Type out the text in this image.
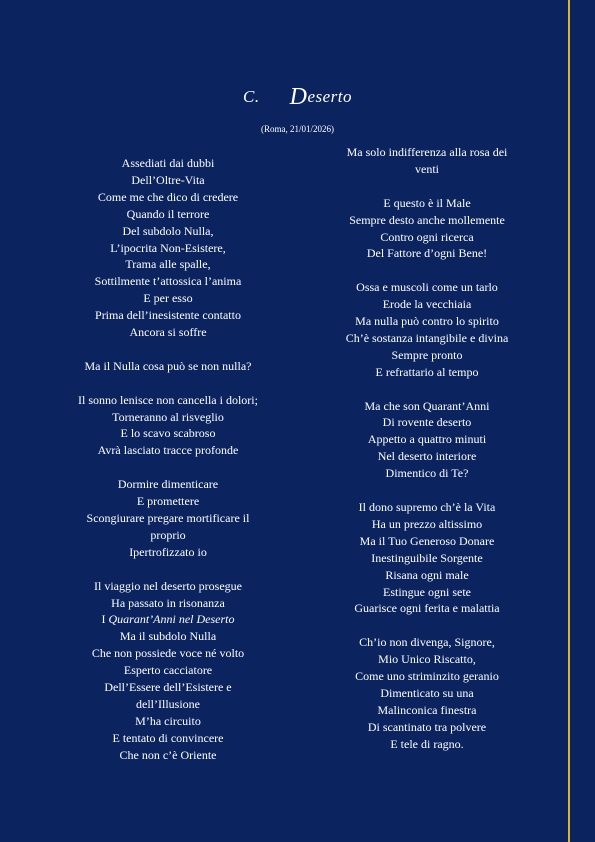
C. Deserto
(Roma, 21/01/2026)
Assediati dai dubbi
Dell’Oltre-Vita
Come me che dico di credere
Quando il terrore
Del subdolo Nulla,
L’ipocrita Non-Esistere,
Trama alle spalle,
Sottilmente t’attossica l’anima
E per esso
Prima dell’inesistente contatto
Ancora si soffre
Ma il Nulla cosa può se non nulla?
Il sonno lenisce non cancella i dolori;
Torneranno al risveglio
E lo scavo scabroso
Avrà lasciato tracce profonde
Dormire dimenticare
E promettere
Scongiurare pregare mortificare il
proprio
Ipertrofizzato io
Il viaggio nel deserto prosegue
Ha passato in risonanza
I Quarant’Anni nel Deserto
Ma il subdolo Nulla
Che non possiede voce né volto
Esperto cacciatore
Dell’Essere dell’Esistere e
dell’Illusione
M’ha circuito
E tentato di convincere
Che non c’è Oriente
Ma solo indifferenza alla rosa dei
venti
E questo è il Male
Sempre desto anche mollemente
Contro ogni ricerca
Del Fattore d’ogni Bene!
Ossa e muscoli come un tarlo
Erode la vecchiaia
Ma nulla può contro lo spirito
Ch’è sostanza intangibile e divina
Sempre pronto
E refrattario al tempo
Ma che son Quarant’Anni
Di rovente deserto
Appetto a quattro minuti
Nel deserto interiore
Dimentico di Te?
Il dono supremo ch’è la Vita
Ha un prezzo altissimo
Ma il Tuo Generoso Donare
Inestinguibile Sorgente
Risana ogni male
Estingue ogni sete
Guarisce ogni ferita e malattia
Ch’io non divenga, Signore,
Mio Unico Riscatto,
Come uno striminzito geranio
Dimenticato su una
Malinconica finestra
Di scantinato tra polvere
E tele di ragno.
